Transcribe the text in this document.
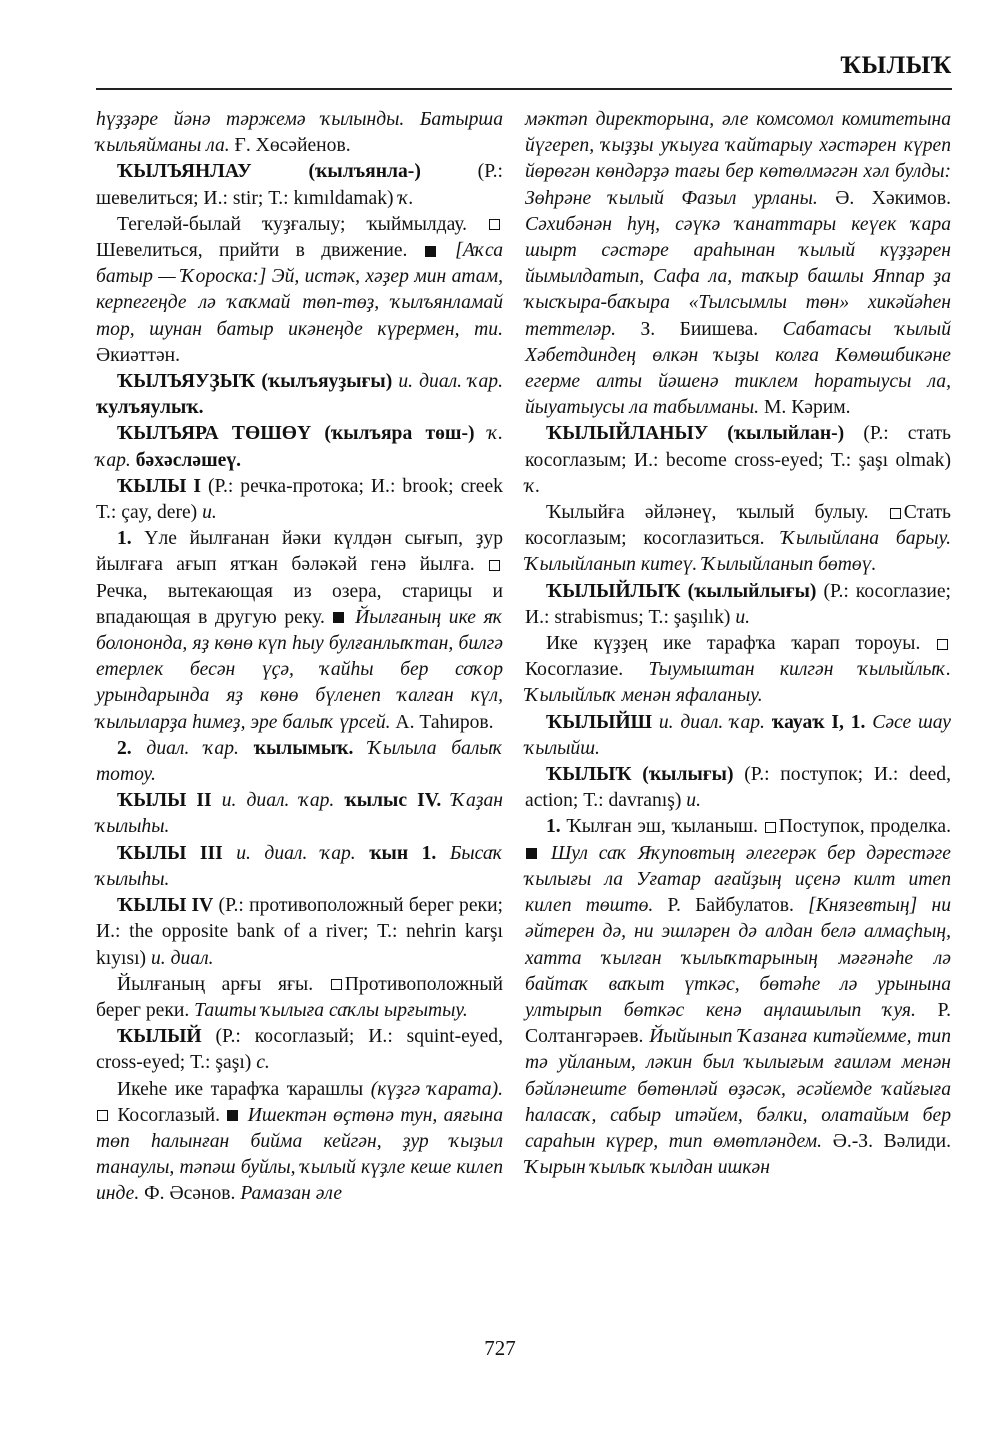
ҠЫЛЫҠ

һүҙҙәре йәнә тәржемә ҡылынды. Батырша ҡыльяйманы ла. Ғ. Хөсәйенов.

ҠЫЛЪЯНЛАУ (ҡылъянла-) (Р.: шевелиться; И.: stir; Т.: kımıldamak) ҡ.

Тегеләй-былай ҡуҙғалыу; ҡыймылдау. Шевелиться, прийти в движение.  [Аҡса батыр — Ҡороска:] Эй, истәк, хәҙер мин атам, керпегеңде лә ҡаҡмай төп-төҙ, ҡылъянламай тор, шунан батыр икәнеңде күрермен, ти. Әкиәттән.

ҠЫЛЪЯУҘЫҠ (ҡылъяуҙығы) и. диал. ҡар. ҡулъяулыҡ.

ҠЫЛЪЯРА ТӨШӨҮ (ҡылъяра төш-) ҡ. ҡар. бәхәсләшеү.

ҠЫЛЫ I (Р.: речка-протока; И.: brook; creek Т.: çay, dere) и.

1. Үле йылғанан йәки күлдән сығып, ҙур йылғаға ағып ятҡан бәләкәй генә йылға. Речка, вытекающая из озера, старицы и впадающая в другую реку.  Йылғаның ике яҡ болононда, яҙ көнө күп һыу булғанлыҡтан, билгә етерлек бесән үҫә, ҡайһы бер соҡор урындарында яҙ көнө бүленеп ҡалған күл, ҡылыларҙа һимеҙ, эре балыҡ үрсей. А. Таһиров.

2. диал. ҡар. ҡылымыҡ. Ҡылыла балыҡ тотоу.

ҠЫЛЫ II и. диал. ҡар. ҡылыс IV. Ҡаҙан ҡылыһы.

ҠЫЛЫ III и. диал. ҡар. ҡын 1. Бысаҡ ҡылыһы.

ҠЫЛЫ IV (Р.: противоположный берег реки; И.: the opposite bank of a river; Т.: nehrin karşı kıyısı) и. диал.

Йылғаның арғы яғы. Противоположный берег реки. Ташты ҡылыға саҡлы ырғытыу.

ҠЫЛЫЙ (Р.: косоглазый; И.: squint-eyed, cross-eyed; Т.: şaşı) с.

Икеһе ике тарафҡа ҡарашлы (күҙгә ҡарата). Косоглазый.  Ишектән өҫтөнә тун, аяғына төп һалынған бийма кейгән, ҙур ҡыҙыл танаулы, тәпәш буйлы, ҡылый күҙле кеше килеп инде. Ф. Әсәнов. Рамазан әле

мәктәп директорына, әле комсомол комитетына йүгереп, ҡыҙҙы уҡыуға ҡайтарыу хәстәрен күреп йөрөгән көндәрҙә тағы бер көтөлмәгән хәл булды: Зөһрәне ҡылый Фазыл урланы. Ә. Хәкимов. Сәхибәнән һуң, сәүкә ҡанаттары кеүек ҡара шырт сәстәре араһынан ҡылый күҙҙәрен йымылдатып, Сафа ла, таҡыр башлы Яппар ҙа ҡысҡыра-баҡыра «Тылсымлы төн» хикәйәһен теттеләр. З. Биишева. Сабатасы ҡылый Хәбетдиндең өлкән ҡыҙы колға Көмөшбикәне егерме алты йәшенә тиклем һоратыусы ла, йыуатыусы ла табылманы. М. Кәрим.

ҠЫЛЫЙЛАНЫУ (ҡылыйлан-) (Р.: стать косоглазым; И.: become cross-eyed; Т.: şaşı olmak) ҡ.

Ҡылыйға әйләнеү, ҡылый булыу. Стать косоглазым; косоглазиться. Ҡылыйлана барыу. Ҡылыйланып китеү. Ҡылыйланып бөтөү.

ҠЫЛЫЙЛЫҠ (ҡылыйлығы) (Р.: косоглазие; И.: strabismus; Т.: şaşılık) и.

Ике күҙҙең ике тарафҡа ҡарап тороуы. Косоглазие. Тыумыштан килгән ҡылыйлыҡ. Ҡылыйлыҡ менән яфаланыу.

ҠЫЛЫЙШ и. диал. ҡар. ҡауаҡ I, 1. Сәсе шау ҡылыйш.

ҠЫЛЫҠ (ҡылығы) (Р.: поступок; И.: deed, action; Т.: davranış) и.

1. Ҡылған эш, ҡыланыш. Поступок, проделка.  Шул саҡ Яҡуповтың әлегерәк бер дәрестәге ҡылығы ла Уғатар ағайҙың иҫенә килт итеп килеп төштө. Р. Байбулатов. [Князевтың] ни әйтерен дә, ни эшләрен дә алдан белә алмаҫһың, хатта ҡылған ҡылыҡтарының мәғәнәһе лә байтаҡ ваҡыт үткәс, бөтәһе лә урынына ултырып бөткәс кенә аңлашылып ҡуя. Р. Солтангәрәев. Йыйынып Ҡазанға китәйемме, тип тә уйланым, ләкин был ҡылығым ғаиләм менән бәйләнеште бөтөнләй өҙәсәк, әсәйемде ҡайғыға һаласаҡ, сабыр итәйем, бәлки, олатайым бер сараһын күрер, тип өмөтләндем. Ә.-З. Вәлиди. Ҡырын ҡылыҡ ҡылдан ишкән

727
